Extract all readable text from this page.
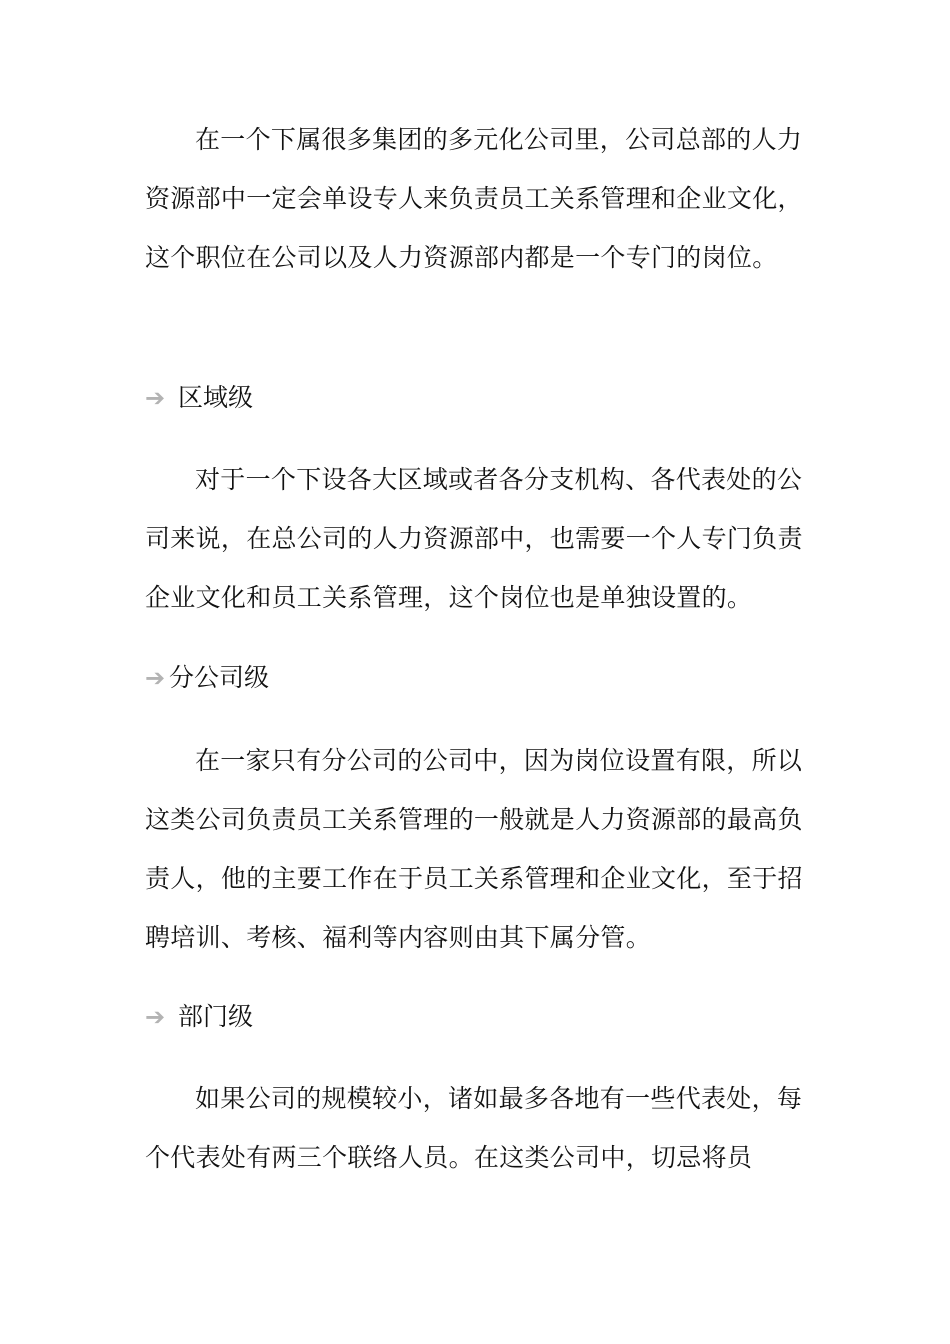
在一个下属很多集团的多元化公司里，公司总部的人力资源部中一定会单设专人来负责员工关系管理和企业文化，这个职位在公司以及人力资源部内都是一个专门的岗位。

➔ 区域级

对于一个下设各大区域或者各分支机构、各代表处的公司来说，在总公司的人力资源部中，也需要一个人专门负责企业文化和员工关系管理，这个岗位也是单独设置的。

➔ 分公司级

在一家只有分公司的公司中，因为岗位设置有限，所以这类公司负责员工关系管理的一般就是人力资源部的最高负责人，他的主要工作在于员工关系管理和企业文化，至于招聘培训、考核、福利等内容则由其下属分管。

➔ 部门级

如果公司的规模较小，诸如最多各地有一些代表处，每个代表处有两三个联络人员。在这类公司中，切忌将员
